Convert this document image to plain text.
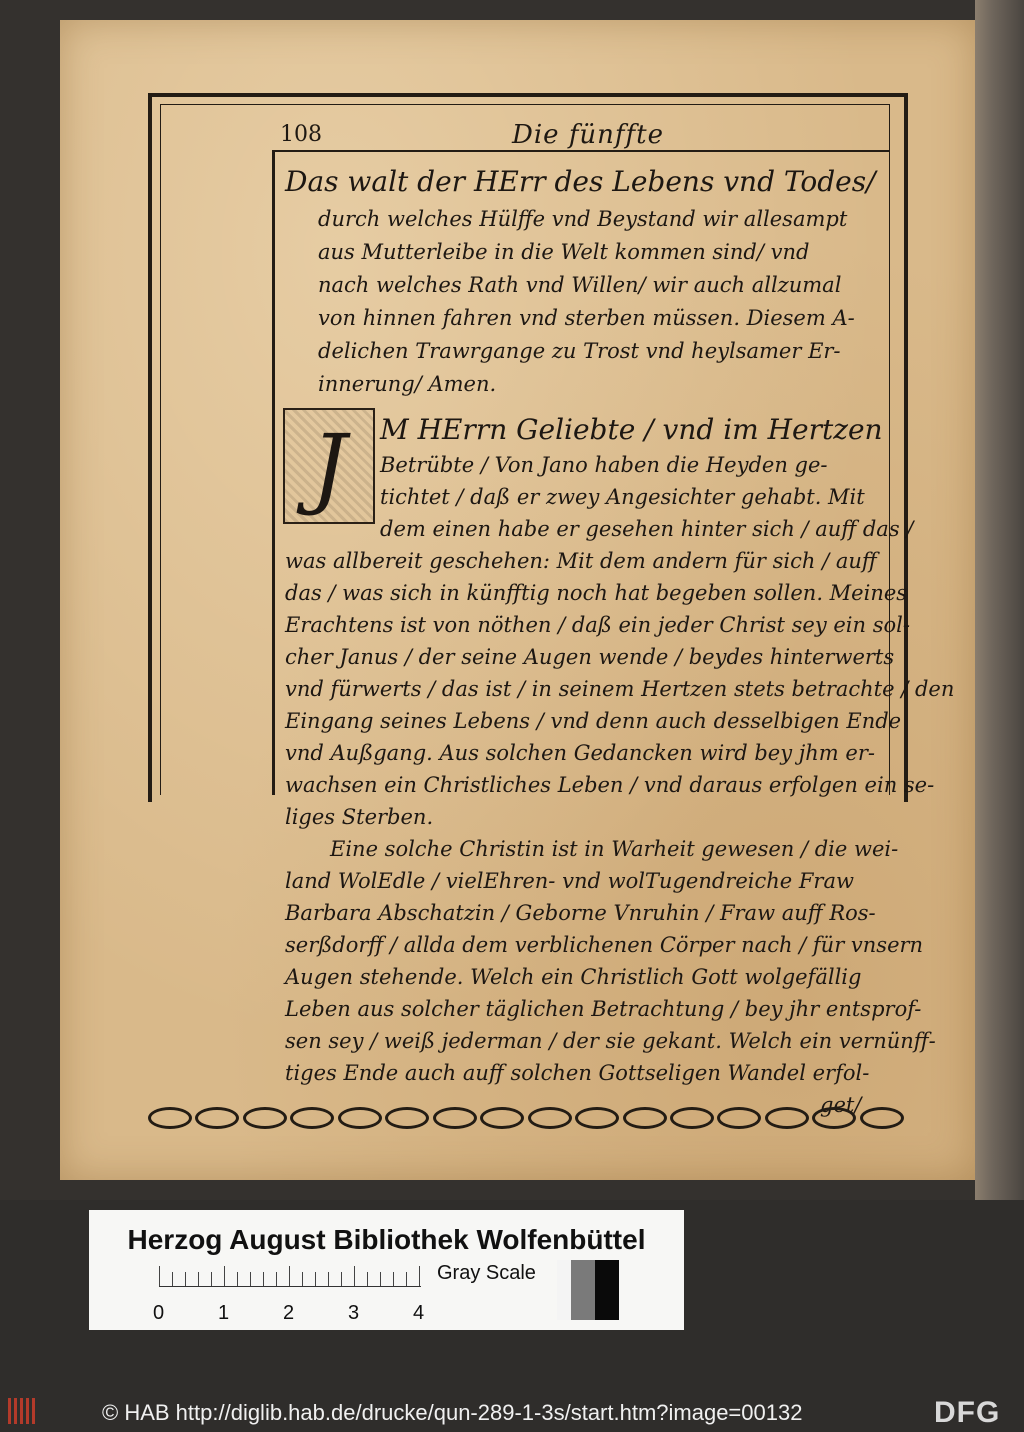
108	Die fünffte
Das walt der HErr des Lebens vnd Todes/
durch welches Hülffe vnd Beystand wir allesampt
aus Mutterleibe in die Welt kommen sind/ vnd
nach welches Rath vnd Willen/ wir auch allzumal
von hinnen fahren vnd sterben müssen. Diesem A-
delichen Trawrgange zu Trost vnd heylsamer Er-
innerung/ Amen.
J	M HErrn Geliebte / vnd im Hertzen
Betrübte / Von Jano haben die Heyden ge-
tichtet / daß er zwey Angesichter gehabt. Mit
dem einen habe er gesehen hinter sich / auff das /
was allbereit geschehen: Mit dem andern für sich / auff
das / was sich in künfftig noch hat begeben sollen. Meines
Erachtens ist von nöthen / daß ein jeder Christ sey ein sol-
cher Janus / der seine Augen wende / beydes hinterwerts
vnd fürwerts / das ist / in seinem Hertzen stets betrachte / den
Eingang seines Lebens / vnd denn auch desselbigen Ende
vnd Außgang. Aus solchen Gedancken wird bey jhm er-
wachsen ein Christliches Leben / vnd daraus erfolgen ein se-
liges Sterben.
Eine solche Christin ist in Warheit gewesen / die wei-
land WolEdle / vielEhren- vnd wolTugendreiche Fraw
Barbara Abschatzin / Geborne Vnruhin / Fraw auff Ros-
serßdorff / allda dem verblichenen Cörper nach / für vnsern
Augen stehende. Welch ein Christlich Gott wolgefällig
Leben aus solcher täglichen Betrachtung / bey jhr entsprof-
sen sey / weiß jederman / der sie gekant. Welch ein vernünff-
tiges Ende auch auff solchen Gottseligen Wandel erfol-
get/
Herzog August Bibliothek Wolfenbüttel
0	1	2	3	4
Gray Scale
© HAB http://diglib.hab.de/drucke/qun-289-1-3s/start.htm?image=00132	DFG
